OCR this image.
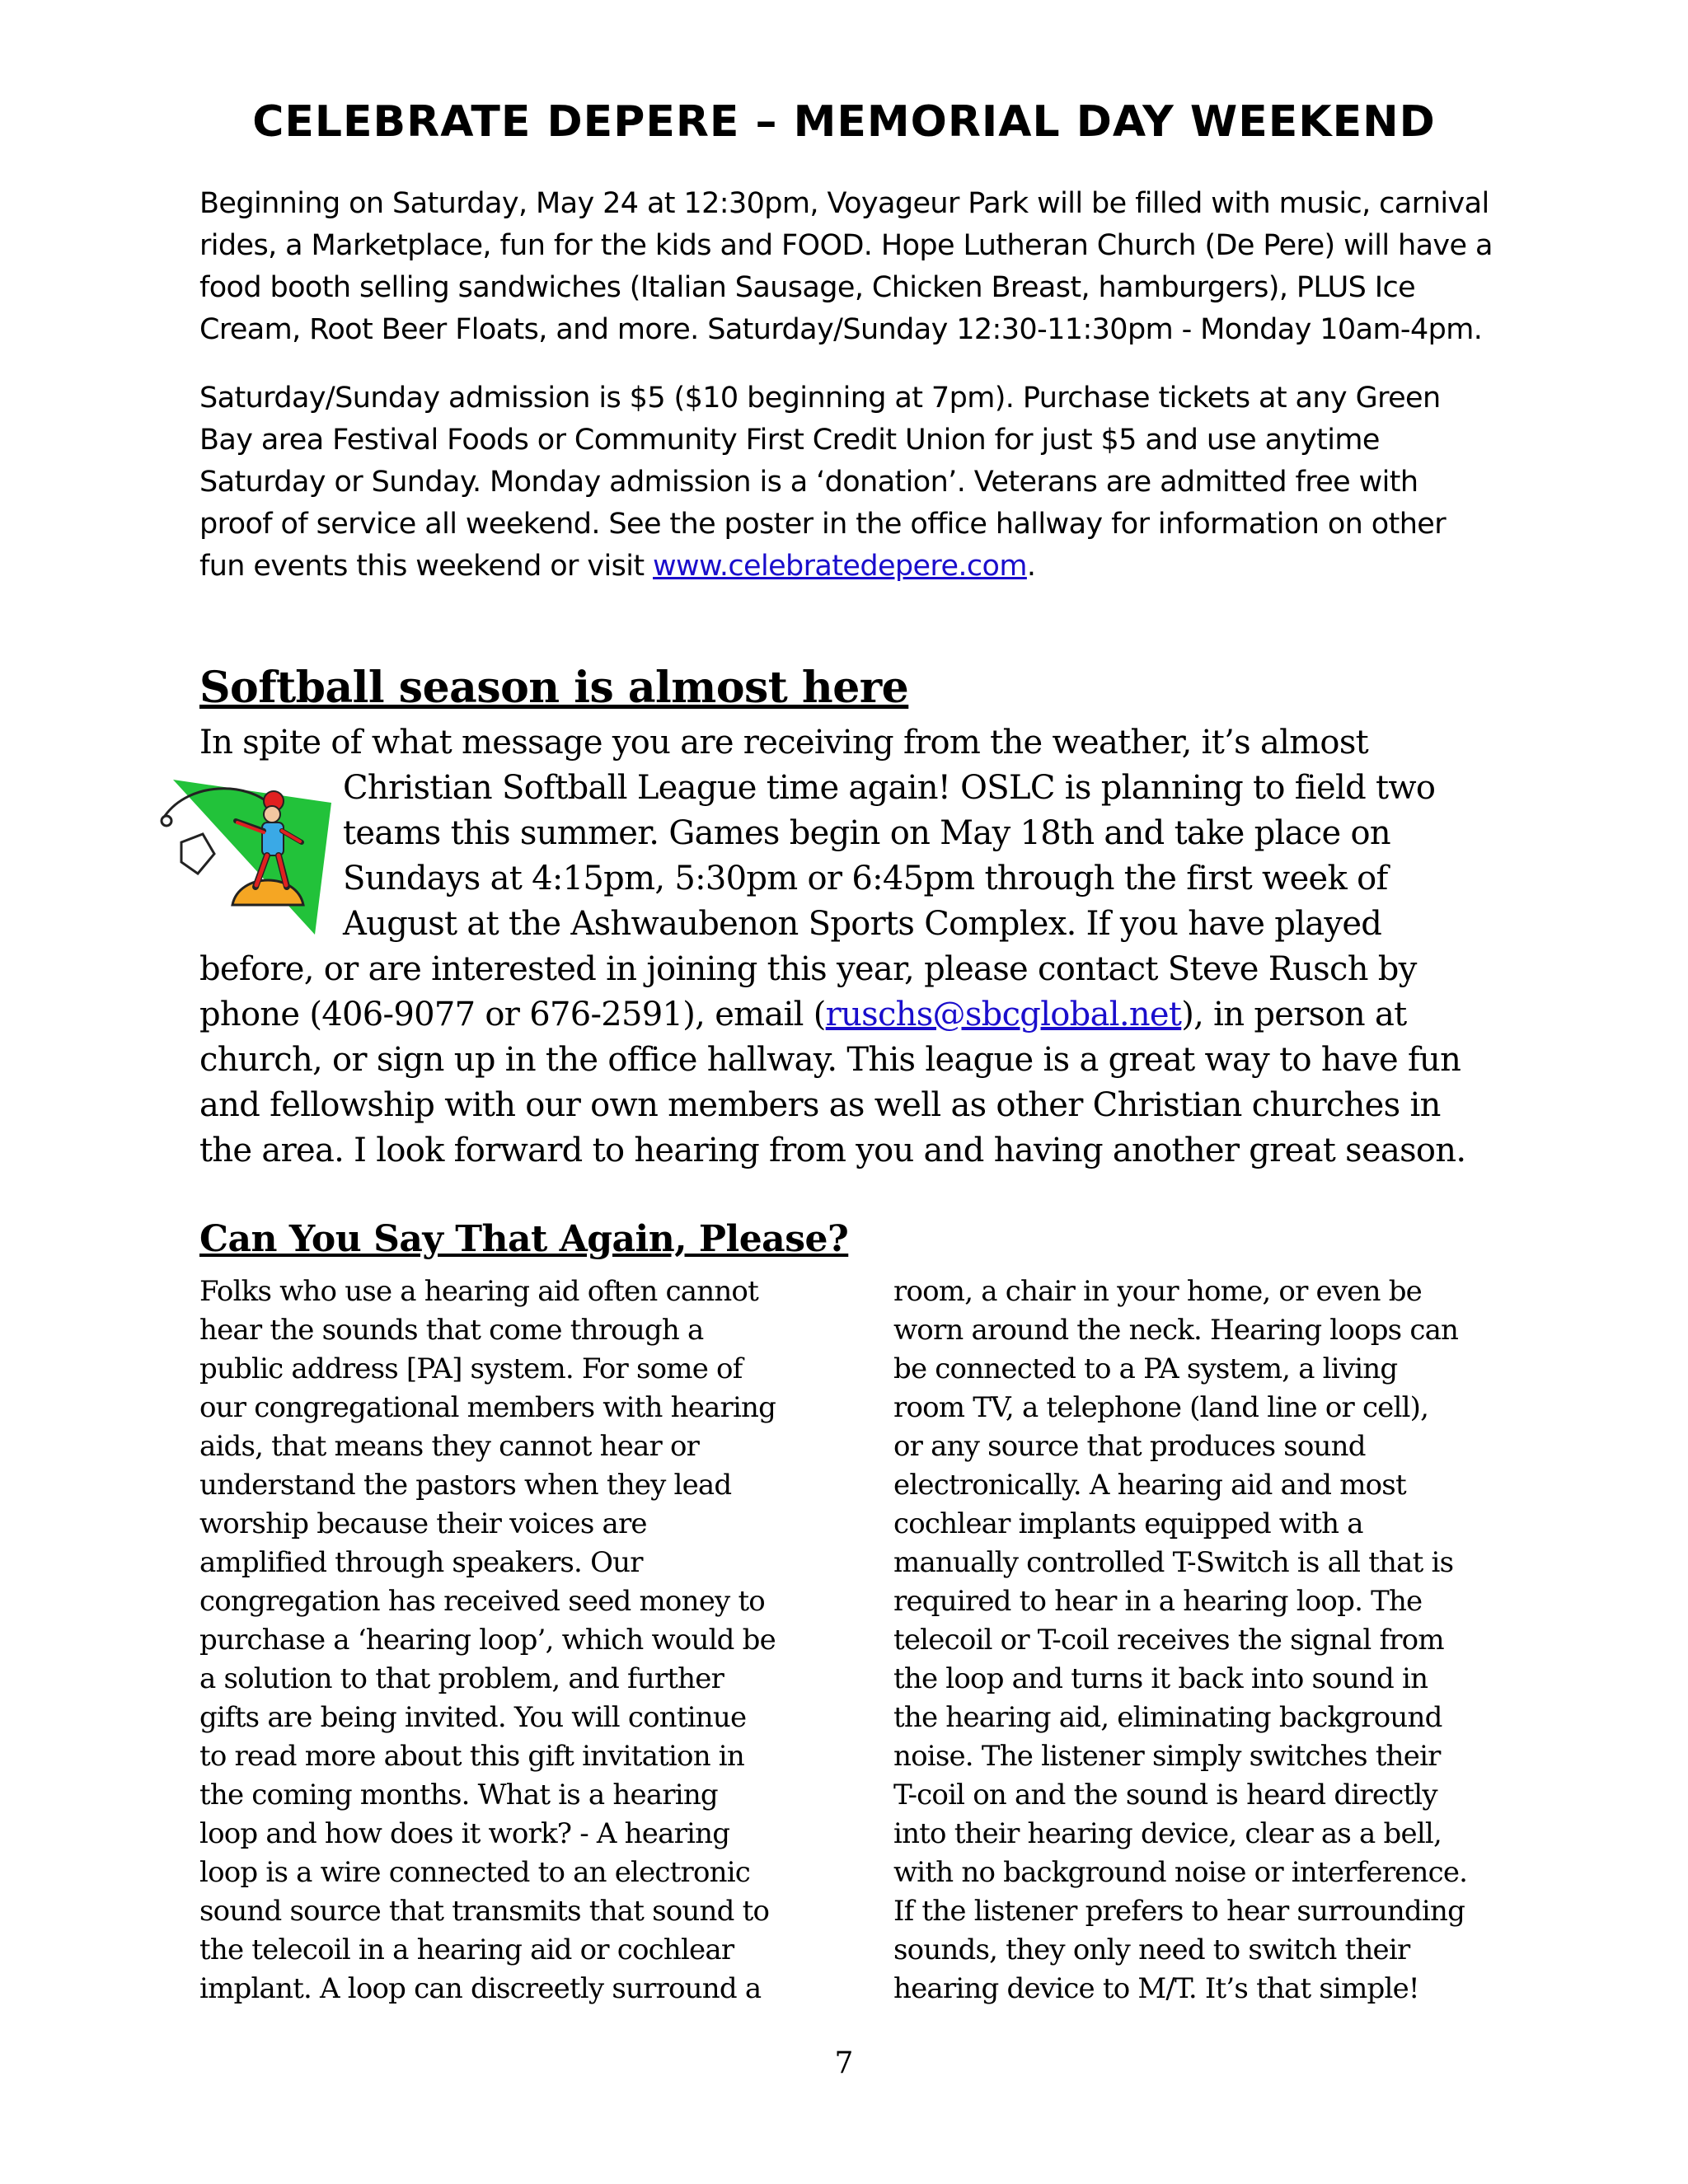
CELEBRATE DEPERE – MEMORIAL DAY WEEKEND

Beginning on Saturday, May 24 at 12:30pm, Voyageur Park will be filled with music, carnival rides, a Marketplace, fun for the kids and FOOD. Hope Lutheran Church (De Pere) will have a food booth selling sandwiches (Italian Sausage, Chicken Breast, hamburgers), PLUS Ice Cream, Root Beer Floats, and more. Saturday/Sunday 12:30-11:30pm - Monday 10am-4pm.

Saturday/Sunday admission is $5 ($10 beginning at 7pm). Purchase tickets at any Green Bay area Festival Foods or Community First Credit Union for just $5 and use anytime Saturday or Sunday. Monday admission is a ‘donation’. Veterans are admitted free with proof of service all weekend. See the poster in the office hallway for information on other fun events this weekend or visit www.celebratedepere.com.

Softball season is almost here
In spite of what message you are receiving from the weather, it’s almost
Christian Softball League time again! OSLC is planning to field two
teams this summer. Games begin on May 18th and take place on
Sundays at 4:15pm, 5:30pm or 6:45pm through the first week of
August at the Ashwaubenon Sports Complex. If you have played
before, or are interested in joining this year, please contact Steve Rusch by
phone (406-9077 or 676-2591), email (ruschs@sbcglobal.net), in person at
church, or sign up in the office hallway. This league is a great way to have fun
and fellowship with our own members as well as other Christian churches in
the area. I look forward to hearing from you and having another great season.
Can You Say That Again, Please?
Folks who use a hearing aid often cannot
hear the sounds that come through a
public address [PA] system. For some of
our congregational members with hearing
aids, that means they cannot hear or
understand the pastors when they lead
worship because their voices are
amplified through speakers. Our
congregation has received seed money to
purchase a ‘hearing loop’, which would be
a solution to that problem, and further
gifts are being invited. You will continue
to read more about this gift invitation in
the coming months. What is a hearing
loop and how does it work? - A hearing
loop is a wire connected to an electronic
sound source that transmits that sound to
the telecoil in a hearing aid or cochlear
implant. A loop can discreetly surround a
room, a chair in your home, or even be
worn around the neck. Hearing loops can
be connected to a PA system, a living
room TV, a telephone (land line or cell),
or any source that produces sound
electronically. A hearing aid and most
cochlear implants equipped with a
manually controlled T-Switch is all that is
required to hear in a hearing loop. The
telecoil or T-coil receives the signal from
the loop and turns it back into sound in
the hearing aid, eliminating background
noise. The listener simply switches their
T-coil on and the sound is heard directly
into their hearing device, clear as a bell,
with no background noise or interference.
If the listener prefers to hear surrounding
sounds, they only need to switch their
hearing device to M/T. It’s that simple!

7
